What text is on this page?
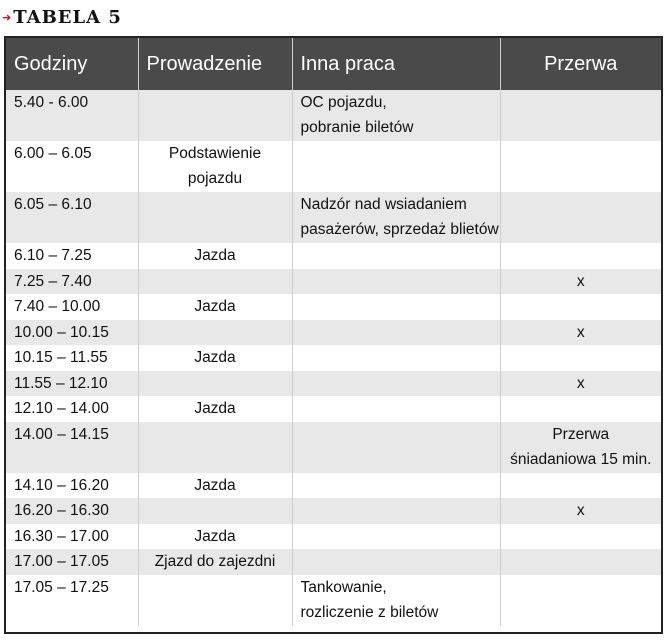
➜ TABELA 5
Godziny	Prowadzenie	Inna praca	Przerwa
5.40 - 6.00		OC pojazdu,
pobranie biletów	
6.00 – 6.05	Podstawienie
pojazdu		
6.05 – 6.10		Nadzór nad wsiadaniem
pasażerów, sprzedaż blietów	
6.10 – 7.25	Jazda		
7.25 – 7.40			x
7.40 – 10.00	Jazda		
10.00 – 10.15			x
10.15 – 11.55	Jazda		
11.55 – 12.10			x
12.10 – 14.00	Jazda		
14.00 – 14.15			Przerwa
śniadaniowa 15 min.
14.10 – 16.20	Jazda		
16.20 – 16.30			x
16.30 – 17.00	Jazda		
17.00 – 17.05	Zjazd do zajezdni		
17.05 – 17.25		Tankowanie,
rozliczenie z biletów	
